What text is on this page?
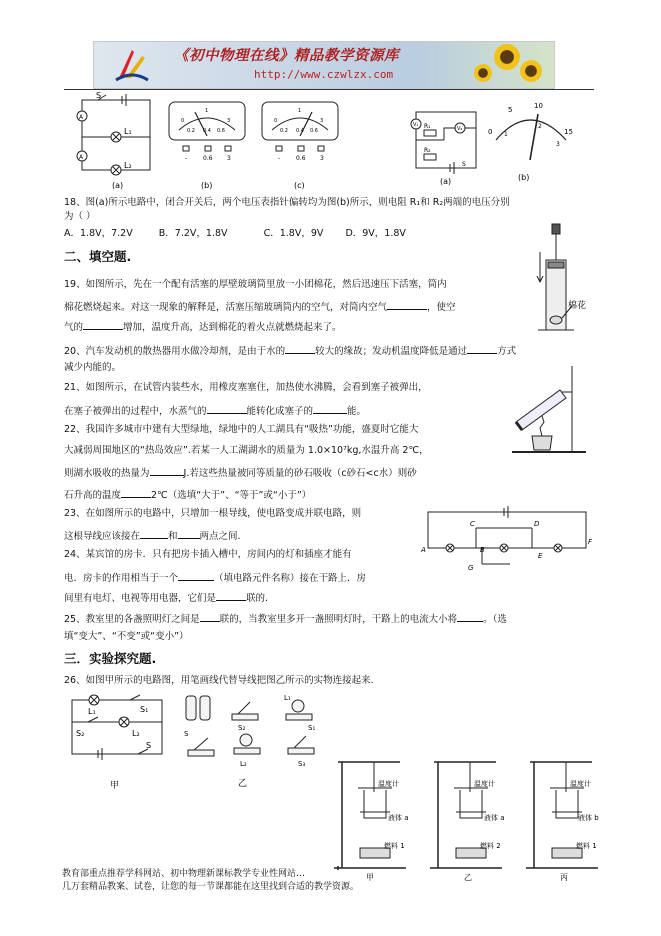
《初中物理在线》精品教学资源库
http://www.czwlzx.com
S
A
A
L₁
L₂
(a)
0
1
3
0.2 0.4 0.6
-	0.6 3
(b)
0
1
3
0.2 0.4 0.6
-	0.6 3
(c)
V₁
V₂
R₁
R₂
S
(a)
0
5	10
15
1
2
3
(b)
18、图(a)所示电路中，闭合开关后，两个电压表指针偏转均为图(b)所示，则电阻 R₁和 R₂两端的电压分别
为（ ）
A．1.8V，7.2V	B．7.2V，1.8V	C．1.8V，9V D．9V，1.8V
二、填空题.
19、如图所示，先在一个配有活塞的厚壁玻璃筒里放一小团棉花，然后迅速压下活塞，筒内
棉花燃烧起来。对这一现象的解释是，活塞压缩玻璃筒内的空气，对筒内空气	，使空
气的	增加，温度升高，达到棉花的着火点就燃烧起来了。
棉花
20、汽车发动机的散热器用水做冷却剂，是由于水的	较大的缘故；发动机温度降低是通过	方式
减少内能的。
21、如图所示，在试管内装些水，用橡皮塞塞住，加热使水沸腾，会看到塞子被弹出，
在塞子被弹出的过程中，水蒸气的	能转化成塞子的	能。
22、我国许多城市中建有大型绿地，绿地中的人工湖具有“吸热”功能，盛夏时它能大
大减弱周围地区的“热岛效应”.若某一人工湖湖水的质量为 1.0×10⁷kg,水温升高 2℃，
则湖水吸收的热量为	J.若这些热量被同等质量的砂石吸收（c砂石<c水）则砂
石升高的温度	2℃（选填“大于”、“等于”或“小于”）
23、在如图所示的电路中，只增加一根导线，使电路变成并联电路，则
这根导线应该接在	和 两点之间.
A	B
C	D
E
F
G
24、某宾馆的房卡．只有把房卡插入槽中，房间内的灯和插座才能有
电．房卡的作用相当于一个	（填电路元件名称）接在干路上．房
间里有电灯、电视等用电器，它们是	联的.
25、教室里的各盏照明灯之间是 联的，当教室里多开一盏照明灯时，干路上的电流大小将	。（选
填“变大”、“不变”或“变小”）
三．实验探究题.
26、如图甲所示的电路图，用笔画线代替导线把图乙所示的实物连接起来.
L₁	S₁
S₂	L₂
S
甲
S₂
L₁
S₁
S
L₂	S₃
乙	温度计
液体 a
燃料 1
温度计
液体 a
燃料 2
温度计
液体 b
燃料 1
甲	乙	丙
教育部重点推荐学科网站、初中物理新课标教学专业性网站…
几万套精品教案、试卷，让您的每一节课都能在这里找到合适的教学资源。
